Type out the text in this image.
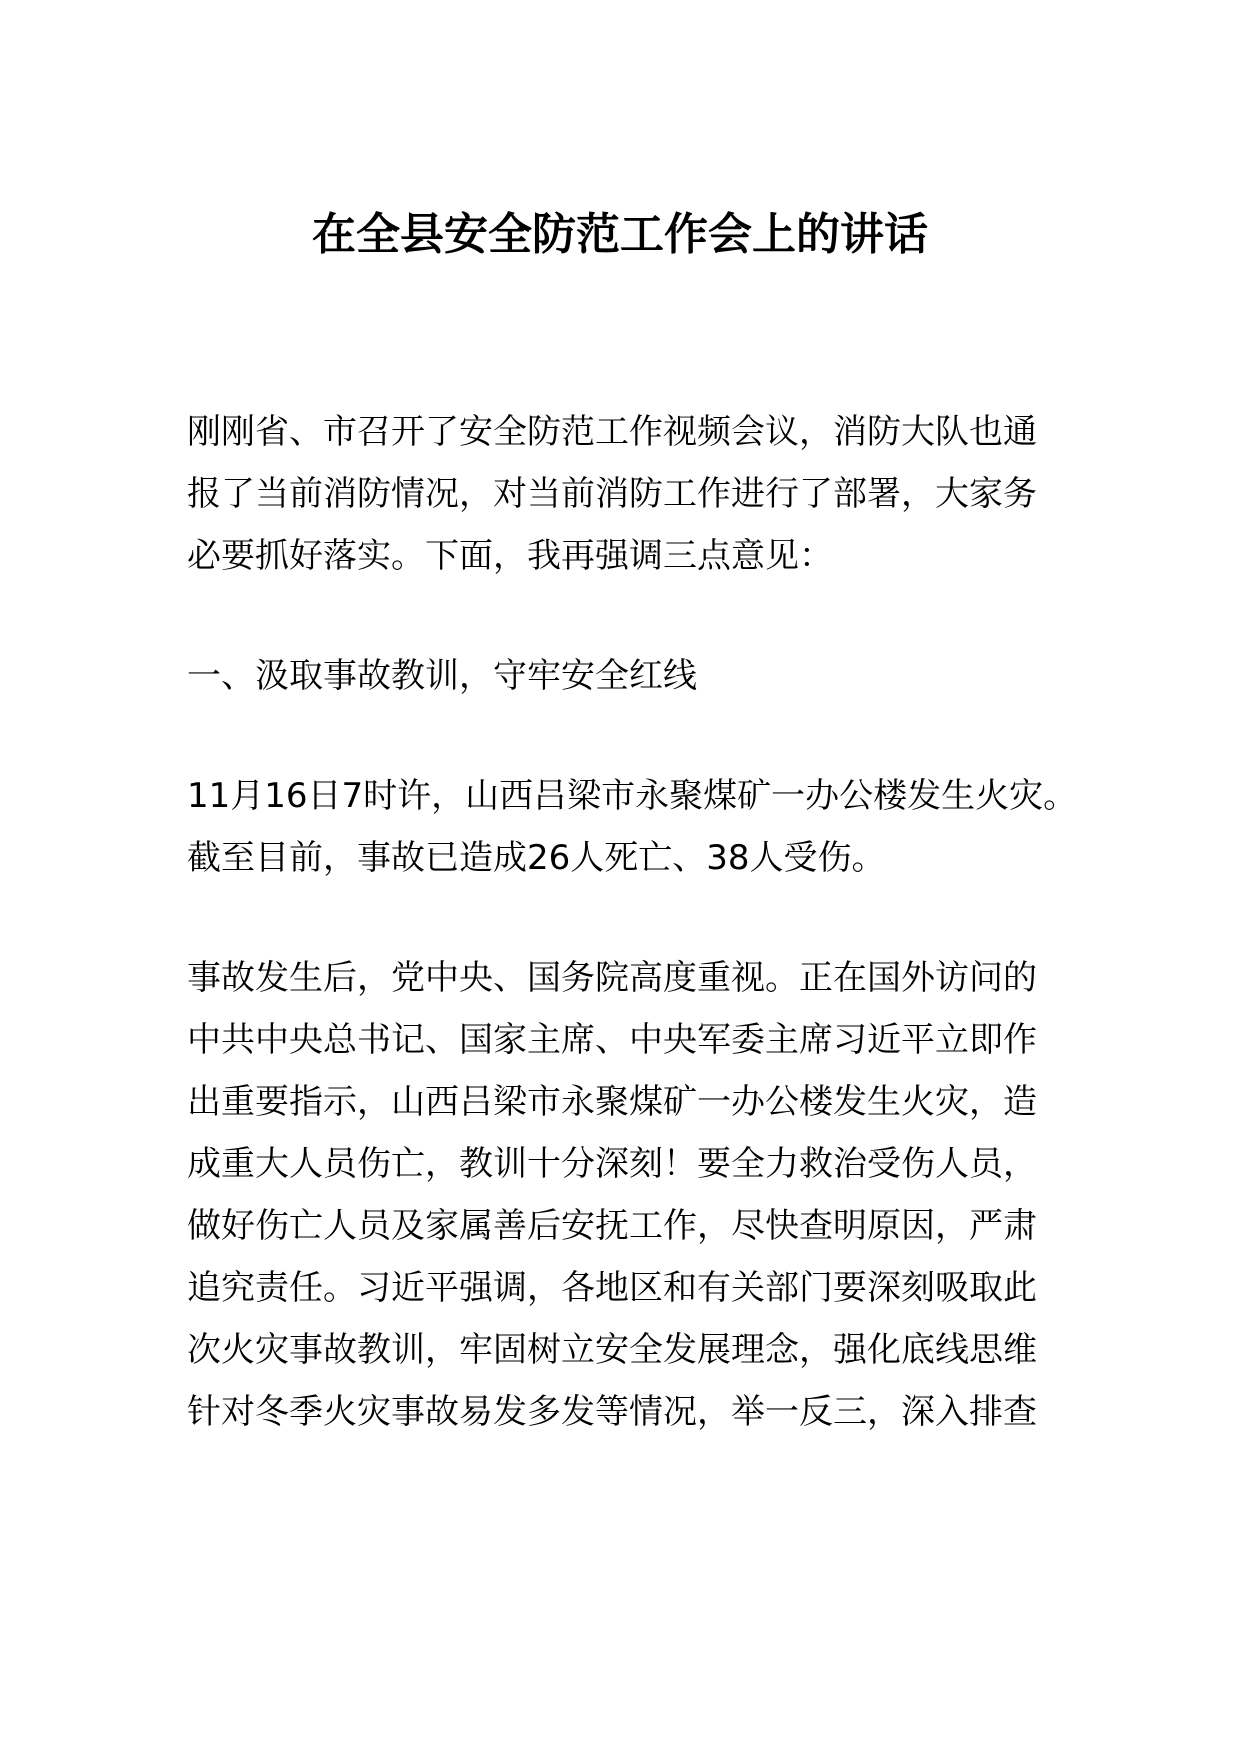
在全县安全防范工作会上的讲话
刚刚省、市召开了安全防范工作视频会议，消防大队也通
报了当前消防情况，对当前消防工作进行了部署，大家务
必要抓好落实。下面，我再强调三点意见：
一、汲取事故教训，守牢安全红线
11月16日7时许，山西吕梁市永聚煤矿一办公楼发生火灾。
截至目前，事故已造成26人死亡、38人受伤。
事故发生后，党中央、国务院高度重视。正在国外访问的
中共中央总书记、国家主席、中央军委主席习近平立即作
出重要指示，山西吕梁市永聚煤矿一办公楼发生火灾，造
成重大人员伤亡，教训十分深刻！要全力救治受伤人员，
做好伤亡人员及家属善后安抚工作，尽快查明原因，严肃
追究责任。习近平强调，各地区和有关部门要深刻吸取此
次火灾事故教训，牢固树立安全发展理念，强化底线思维
针对冬季火灾事故易发多发等情况，举一反三，深入排查
